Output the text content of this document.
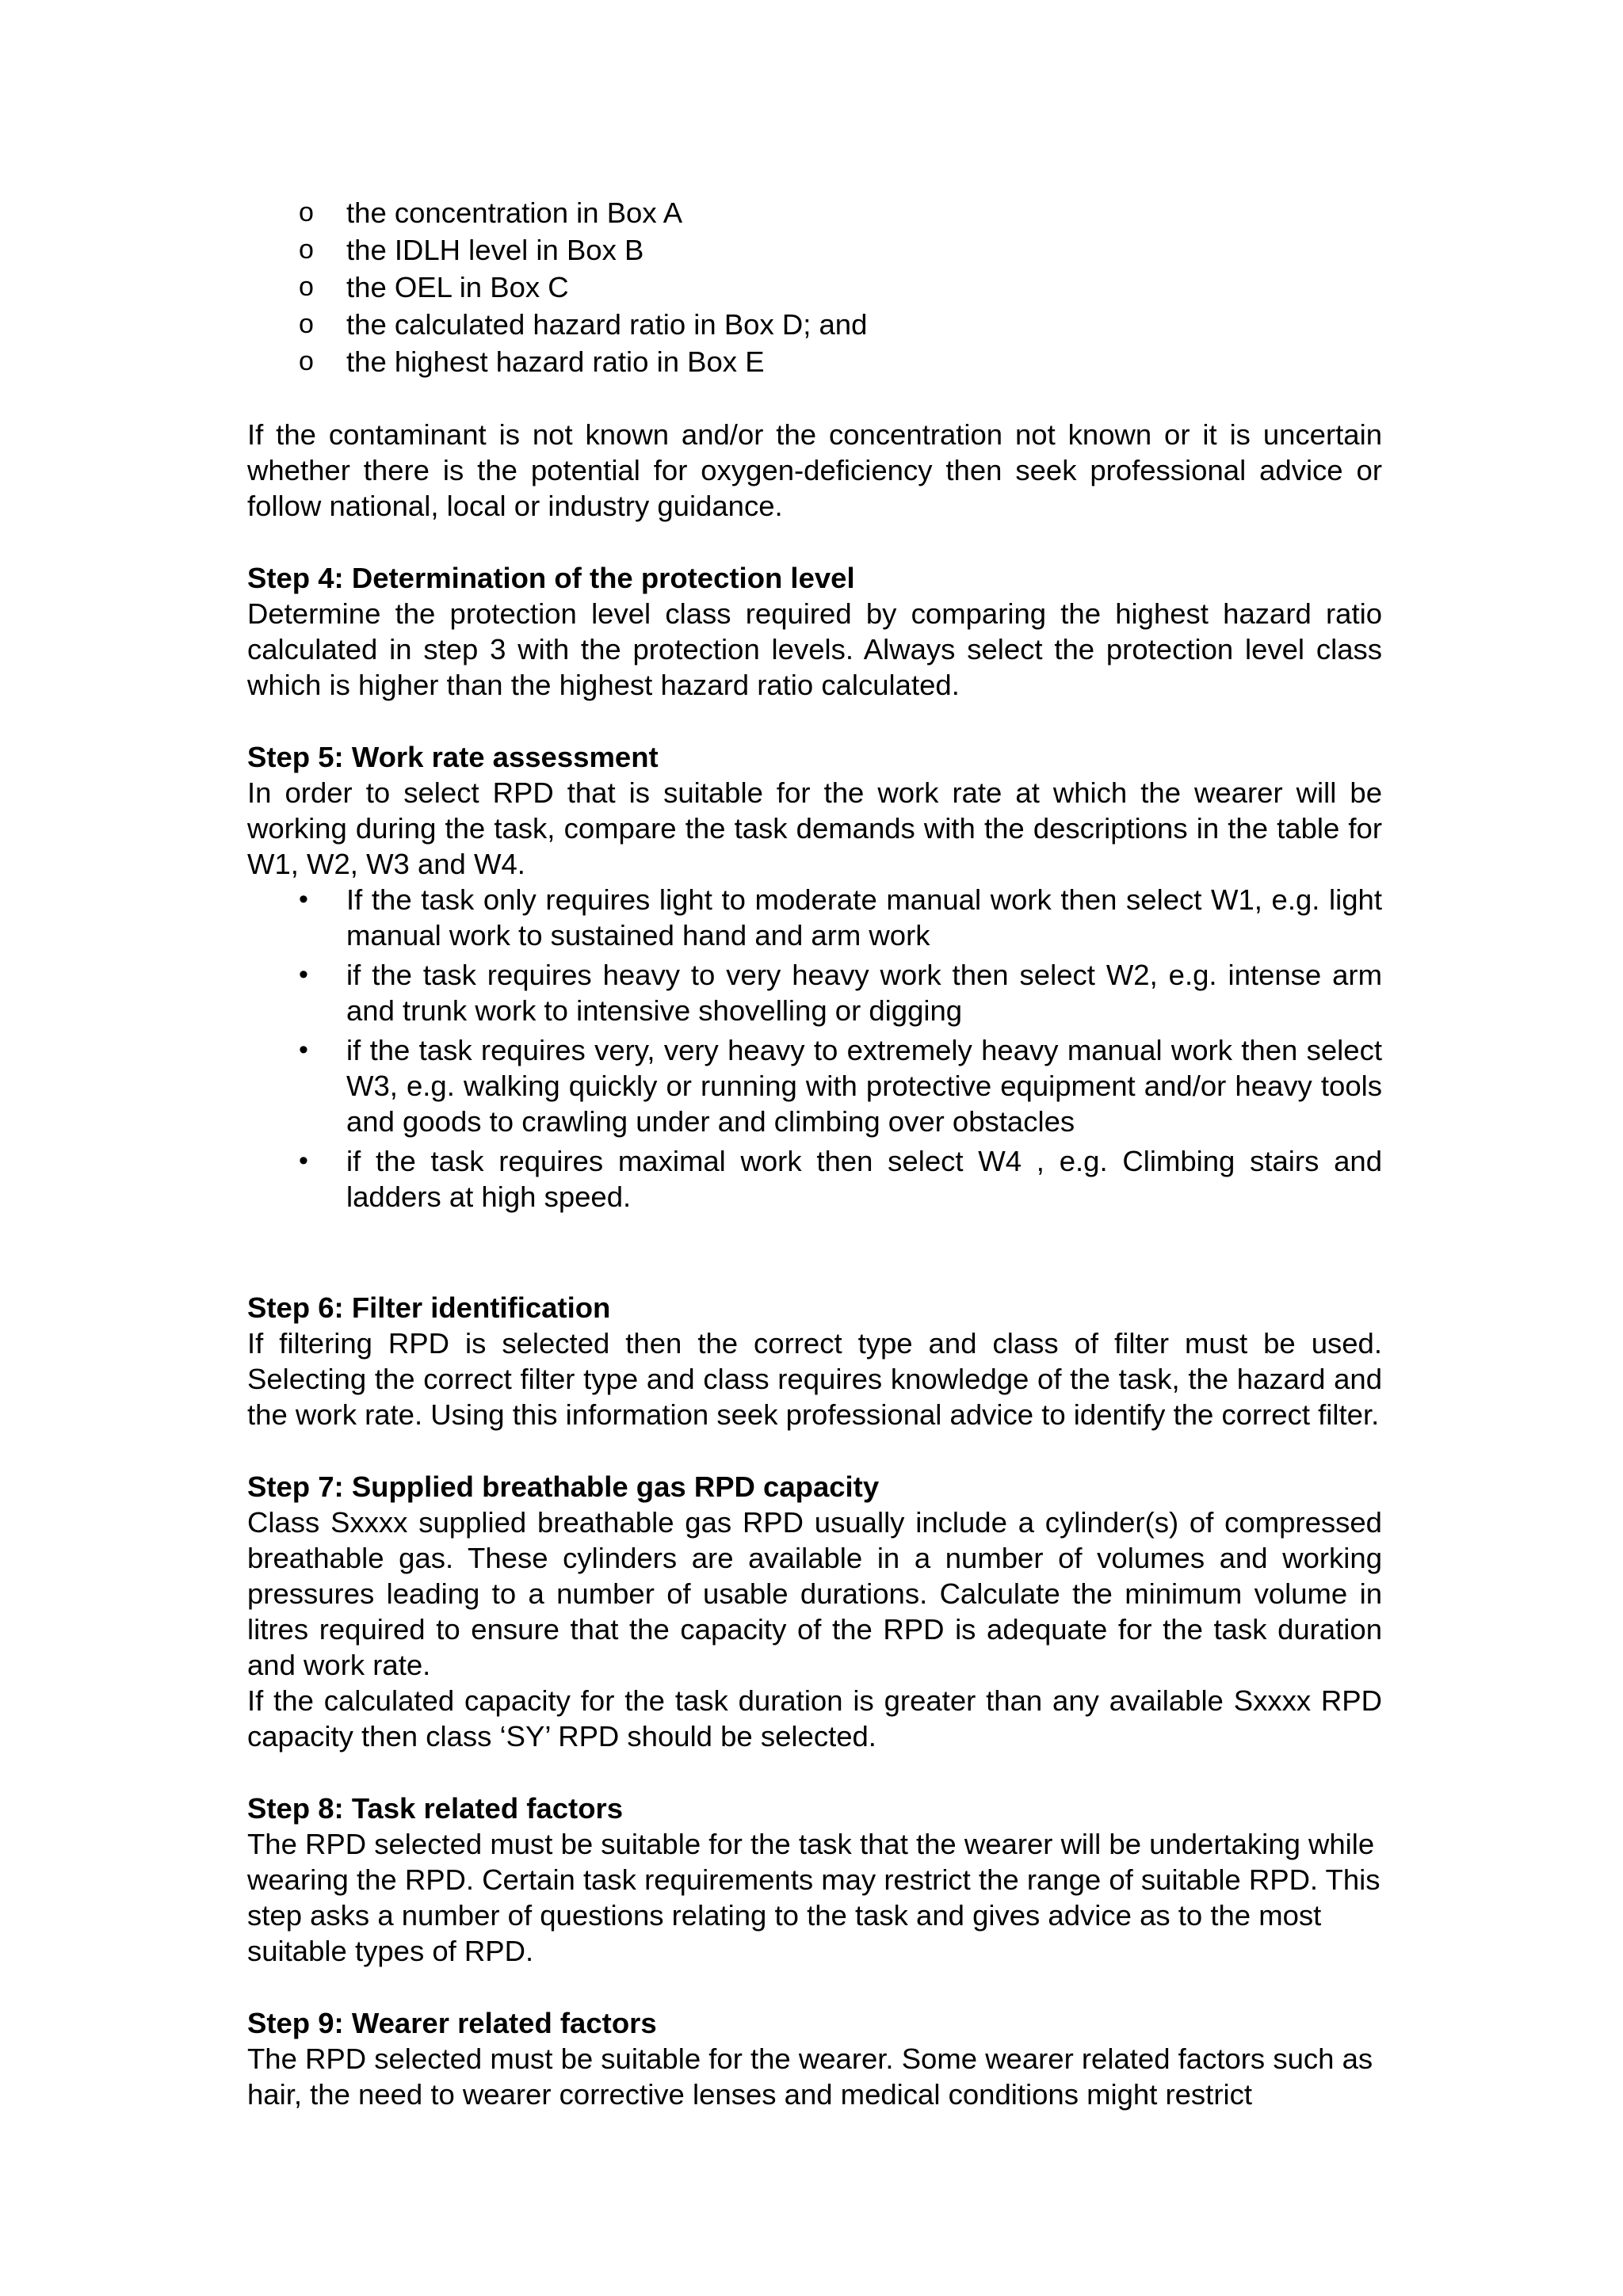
o the concentration in Box A
o the IDLH level in Box B
o the OEL in Box C
o the calculated hazard ratio in Box D; and
o the highest hazard ratio in Box E

If the contaminant is not known and/or the concentration not known or it is uncertain whether there is the potential for oxygen-deficiency then seek professional advice or follow national, local or industry guidance.

Step 4: Determination of the protection level

Determine the protection level class required by comparing the highest hazard ratio calculated in step 3 with the protection levels. Always select the protection level class which is higher than the highest hazard ratio calculated.

Step 5: Work rate assessment

In order to select RPD that is suitable for the work rate at which the wearer will be working during the task, compare the task demands with the descriptions in the table for W1, W2, W3 and W4.

• If the task only requires light to moderate manual work then select W1, e.g. light manual work to sustained hand and arm work
• if the task requires heavy to very heavy work then select W2, e.g. intense arm and trunk work to intensive shovelling or digging
• if the task requires very, very heavy to extremely heavy manual work then select W3, e.g. walking quickly or running with protective equipment and/or heavy tools and goods to crawling under and climbing over obstacles
• if the task requires maximal work then select W4 , e.g. Climbing stairs and ladders at high speed.

Step 6: Filter identification

If filtering RPD is selected then the correct type and class of filter must be used. Selecting the correct filter type and class requires knowledge of the task, the hazard and the work rate. Using this information seek professional advice to identify the correct filter.

Step 7: Supplied breathable gas RPD capacity

Class Sxxxx supplied breathable gas RPD usually include a cylinder(s) of compressed breathable gas. These cylinders are available in a number of volumes and working pressures leading to a number of usable durations. Calculate the minimum volume in litres required to ensure that the capacity of the RPD is adequate for the task duration and work rate.

If the calculated capacity for the task duration is greater than any available Sxxxx RPD capacity then class ‘SY’ RPD should be selected.

Step 8: Task related factors

The RPD selected must be suitable for the task that the wearer will be undertaking while wearing the RPD. Certain task requirements may restrict the range of suitable RPD. This step asks a number of questions relating to the task and gives advice as to the most suitable types of RPD.

Step 9: Wearer related factors

The RPD selected must be suitable for the wearer. Some wearer related factors such as hair, the need to wearer corrective lenses and medical conditions might restrict
